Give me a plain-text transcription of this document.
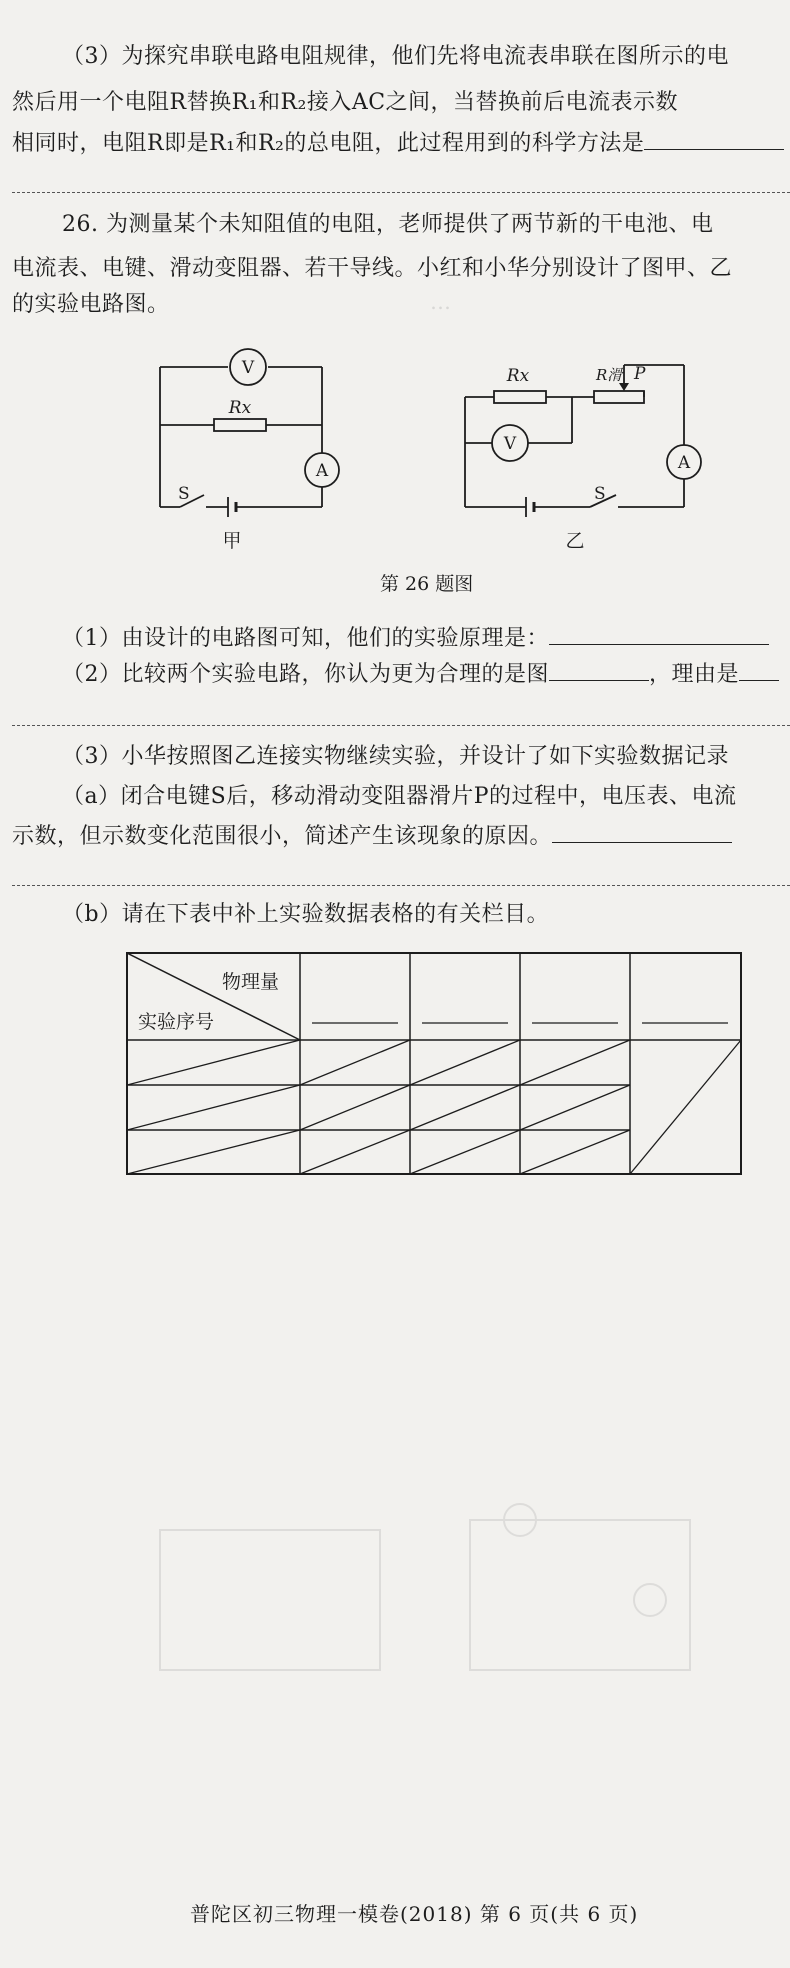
…
（3）为探究串联电路电阻规律，他们先将电流表串联在图所示的电
然后用一个电阻R替换R₁和R₂接入AC之间，当替换前后电流表示数
相同时，电阻R即是R₁和R₂的总电阻，此过程用到的科学方法是
26. 为测量某个未知阻值的电阻，老师提供了两节新的干电池、电
电流表、电键、滑动变阻器、若干导线。小红和小华分别设计了图甲、乙
的实验电路图。
V
A
Rx
S
甲
V
A
Rx	R滑 P
S
乙
第 26 题图
（1）由设计的电路图可知，他们的实验原理是：
（2）比较两个实验电路，你认为更为合理的是图	，理由是
（3）小华按照图乙连接实物继续实验，并设计了如下实验数据记录
（a）闭合电键S后，移动滑动变阻器滑片P的过程中，电压表、电流
示数，但示数变化范围很小，简述产生该现象的原因。
（b）请在下表中补上实验数据表格的有关栏目。
物理量
实验序号
普陀区初三物理一模卷(2018) 第 6 页(共 6 页)
